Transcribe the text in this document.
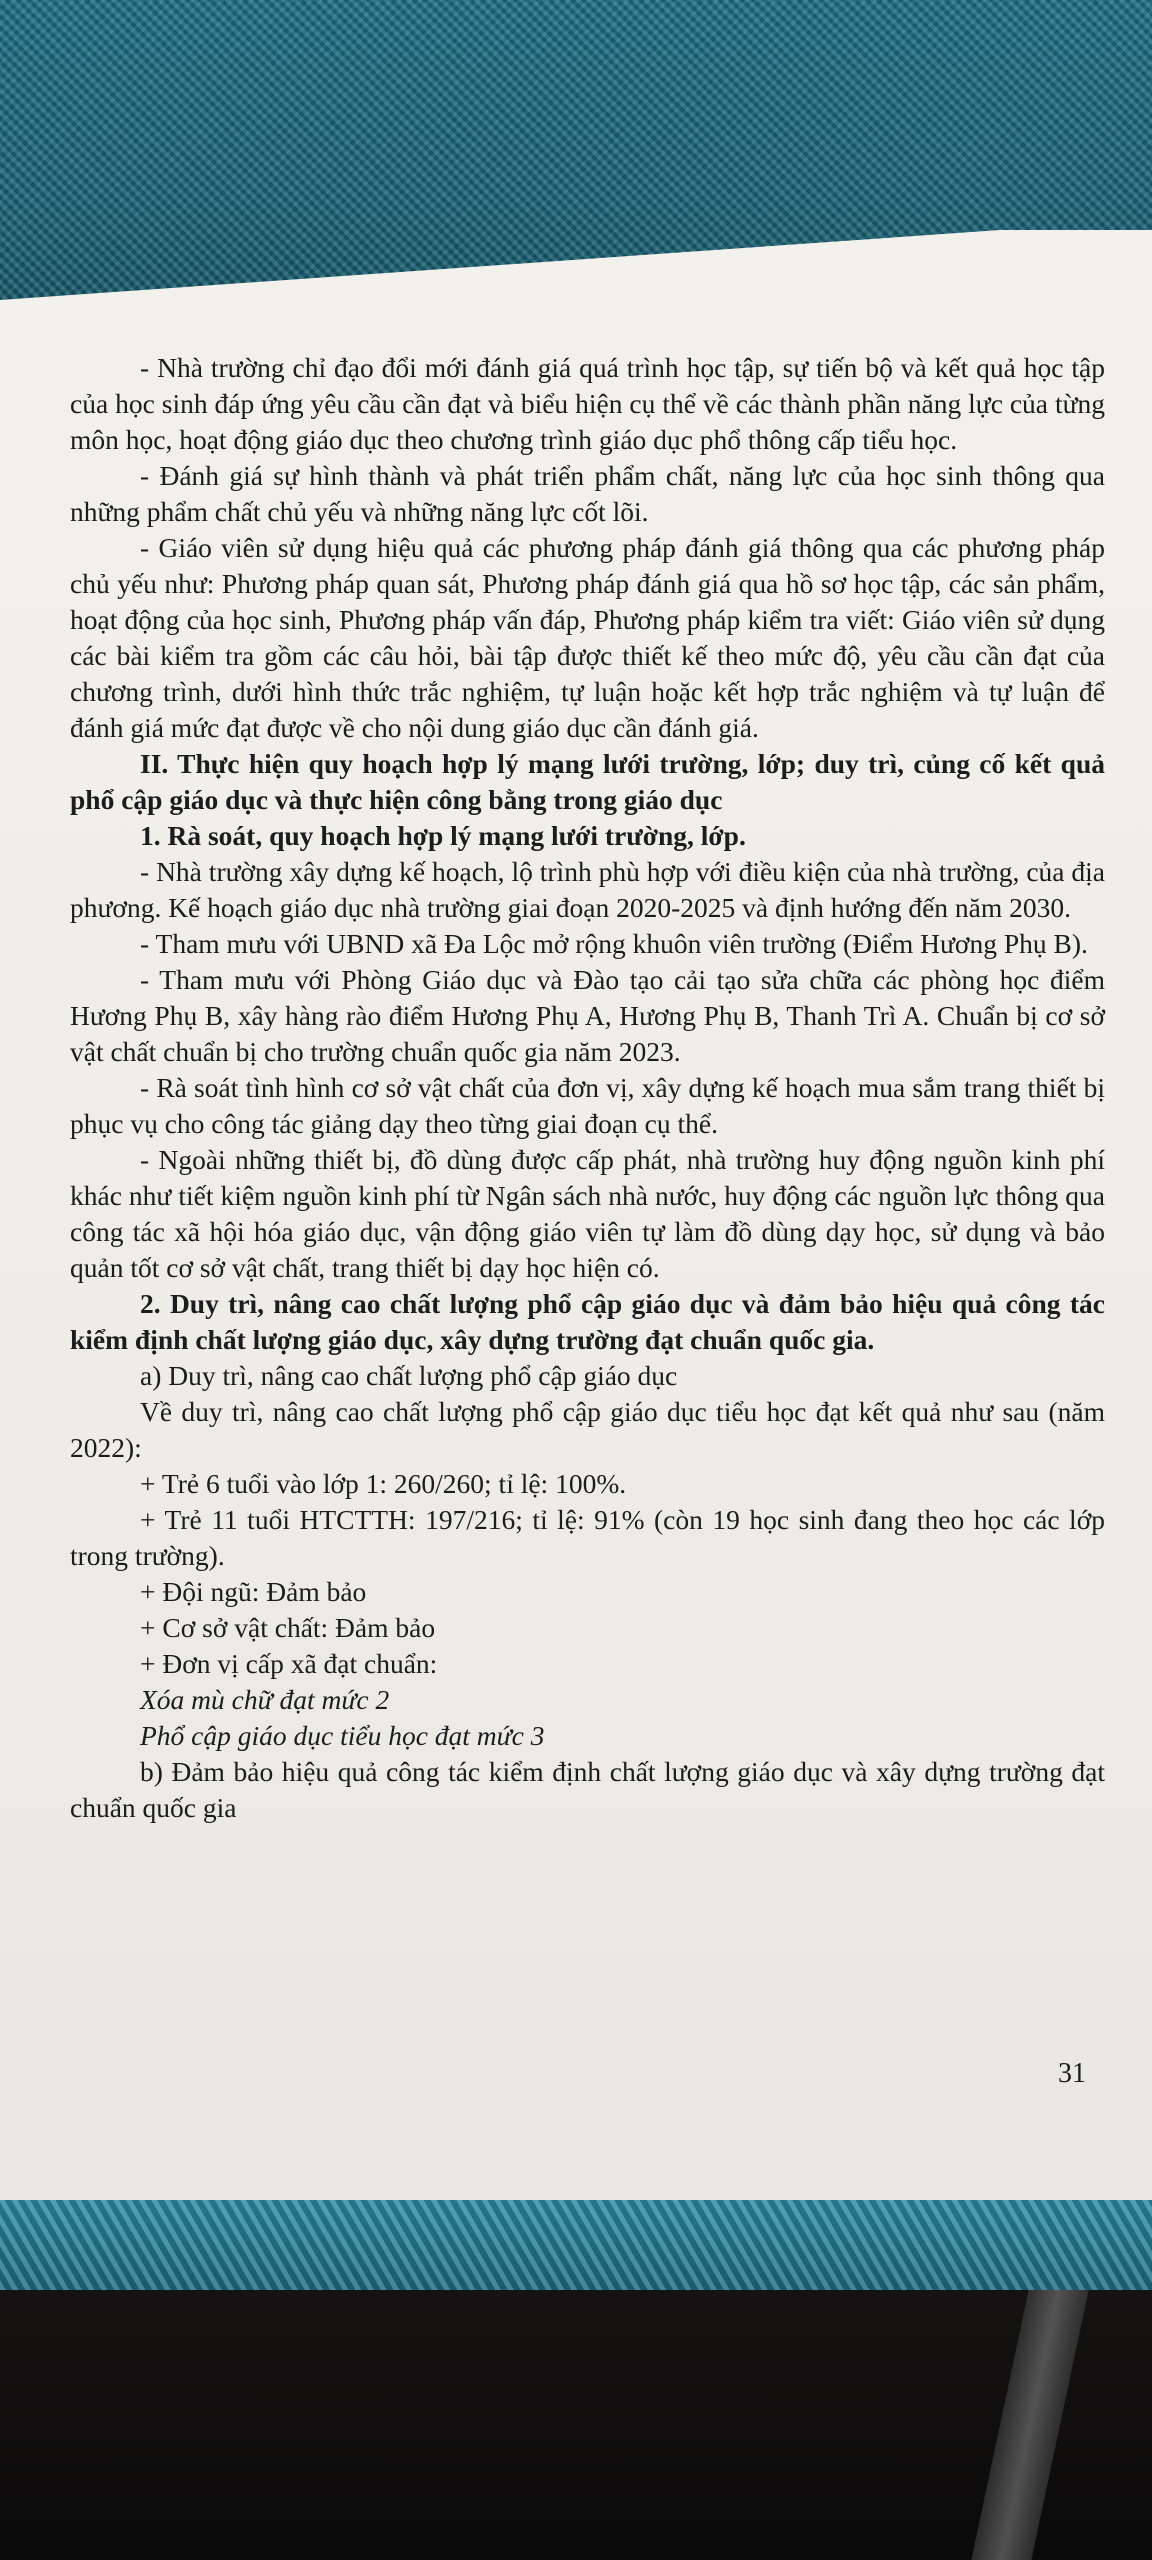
- Nhà trường chỉ đạo đổi mới đánh giá quá trình học tập, sự tiến bộ và kết quả học tập của học sinh đáp ứng yêu cầu cần đạt và biểu hiện cụ thể về các thành phần năng lực của từng môn học, hoạt động giáo dục theo chương trình giáo dục phổ thông cấp tiểu học.

- Đánh giá sự hình thành và phát triển phẩm chất, năng lực của học sinh thông qua những phẩm chất chủ yếu và những năng lực cốt lõi.

- Giáo viên sử dụng hiệu quả các phương pháp đánh giá thông qua các phương pháp chủ yếu như: Phương pháp quan sát, Phương pháp đánh giá qua hồ sơ học tập, các sản phẩm, hoạt động của học sinh, Phương pháp vấn đáp, Phương pháp kiểm tra viết: Giáo viên sử dụng các bài kiểm tra gồm các câu hỏi, bài tập được thiết kế theo mức độ, yêu cầu cần đạt của chương trình, dưới hình thức trắc nghiệm, tự luận hoặc kết hợp trắc nghiệm và tự luận để đánh giá mức đạt được về cho nội dung giáo dục cần đánh giá.

II. Thực hiện quy hoạch hợp lý mạng lưới trường, lớp; duy trì, củng cố kết quả phổ cập giáo dục và thực hiện công bằng trong giáo dục

1. Rà soát, quy hoạch hợp lý mạng lưới trường, lớp.

- Nhà trường xây dựng kế hoạch, lộ trình phù hợp với điều kiện của nhà trường, của địa phương. Kế hoạch giáo dục nhà trường giai đoạn 2020-2025 và định hướng đến năm 2030.

- Tham mưu với UBND xã Đa Lộc mở rộng khuôn viên trường (Điểm Hương Phụ B).

- Tham mưu với Phòng Giáo dục và Đào tạo cải tạo sửa chữa các phòng học điểm Hương Phụ B, xây hàng rào điểm Hương Phụ A, Hương Phụ B, Thanh Trì A. Chuẩn bị cơ sở vật chất chuẩn bị cho trường chuẩn quốc gia năm 2023.

- Rà soát tình hình cơ sở vật chất của đơn vị, xây dựng kế hoạch mua sắm trang thiết bị phục vụ cho công tác giảng dạy theo từng giai đoạn cụ thể.

- Ngoài những thiết bị, đồ dùng được cấp phát, nhà trường huy động nguồn kinh phí khác như tiết kiệm nguồn kinh phí từ Ngân sách nhà nước, huy động các nguồn lực thông qua công tác xã hội hóa giáo dục, vận động giáo viên tự làm đồ dùng dạy học, sử dụng và bảo quản tốt cơ sở vật chất, trang thiết bị dạy học hiện có.

2. Duy trì, nâng cao chất lượng phổ cập giáo dục và đảm bảo hiệu quả công tác kiểm định chất lượng giáo dục, xây dựng trường đạt chuẩn quốc gia.

a) Duy trì, nâng cao chất lượng phổ cập giáo dục

Về duy trì, nâng cao chất lượng phổ cập giáo dục tiểu học đạt kết quả như sau (năm 2022):

+ Trẻ 6 tuổi vào lớp 1: 260/260; tỉ lệ: 100%.

+ Trẻ 11 tuổi HTCTTH: 197/216; tỉ lệ: 91% (còn 19 học sinh đang theo học các lớp trong trường).

+ Đội ngũ: Đảm bảo

+ Cơ sở vật chất: Đảm bảo

+ Đơn vị cấp xã đạt chuẩn:

Xóa mù chữ đạt mức 2

Phổ cập giáo dục tiểu học đạt mức 3

b) Đảm bảo hiệu quả công tác kiểm định chất lượng giáo dục và xây dựng trường đạt chuẩn quốc gia

31
